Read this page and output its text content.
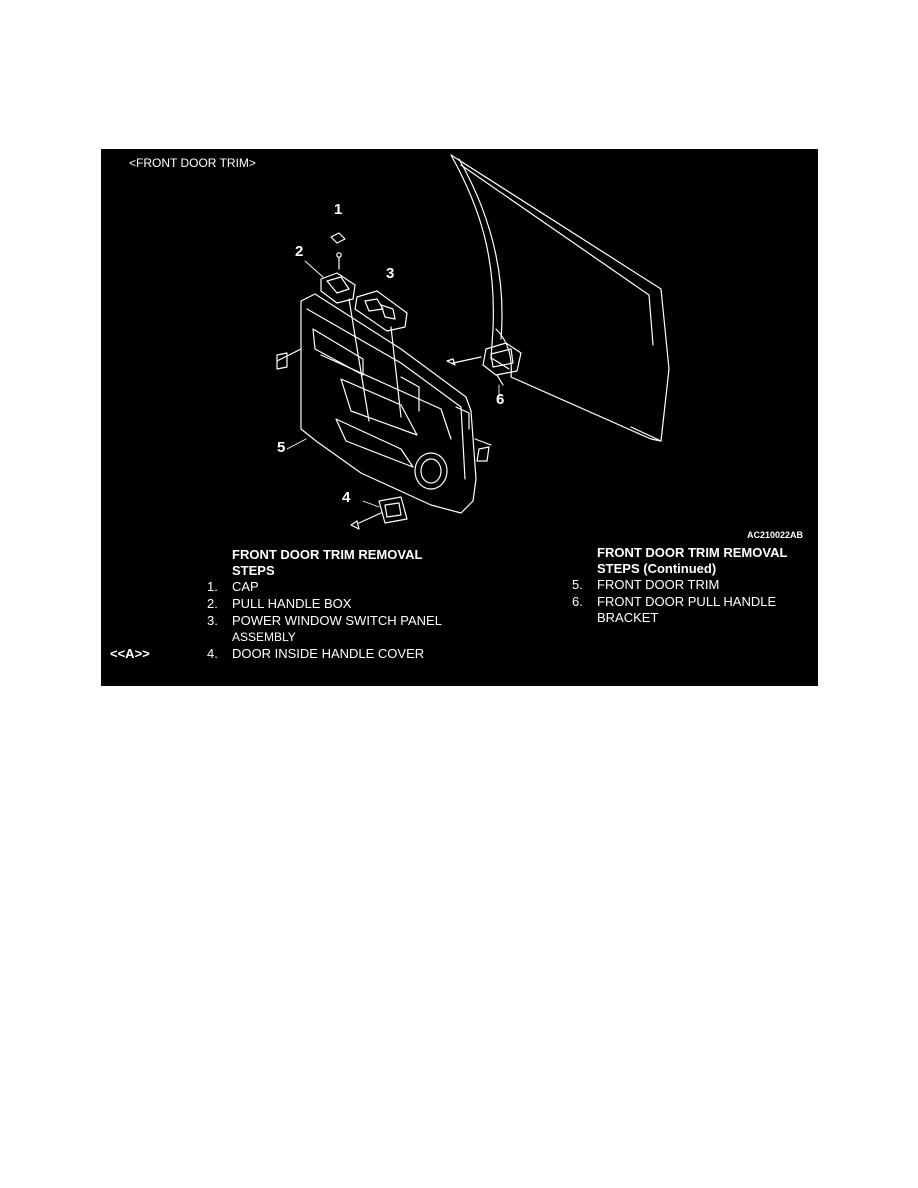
<FRONT DOOR TRIM>
1
2
3
4
5
6
AC210022AB
FRONT DOOR TRIM REMOVAL
STEPS
1. CAP
2. PULL HANDLE BOX
3. POWER WINDOW SWITCH PANEL
ASSEMBLY
<<A>>	4. DOOR INSIDE HANDLE COVER
FRONT DOOR TRIM REMOVAL
STEPS (Continued)
5. FRONT DOOR TRIM
6. FRONT DOOR PULL HANDLE
BRACKET
